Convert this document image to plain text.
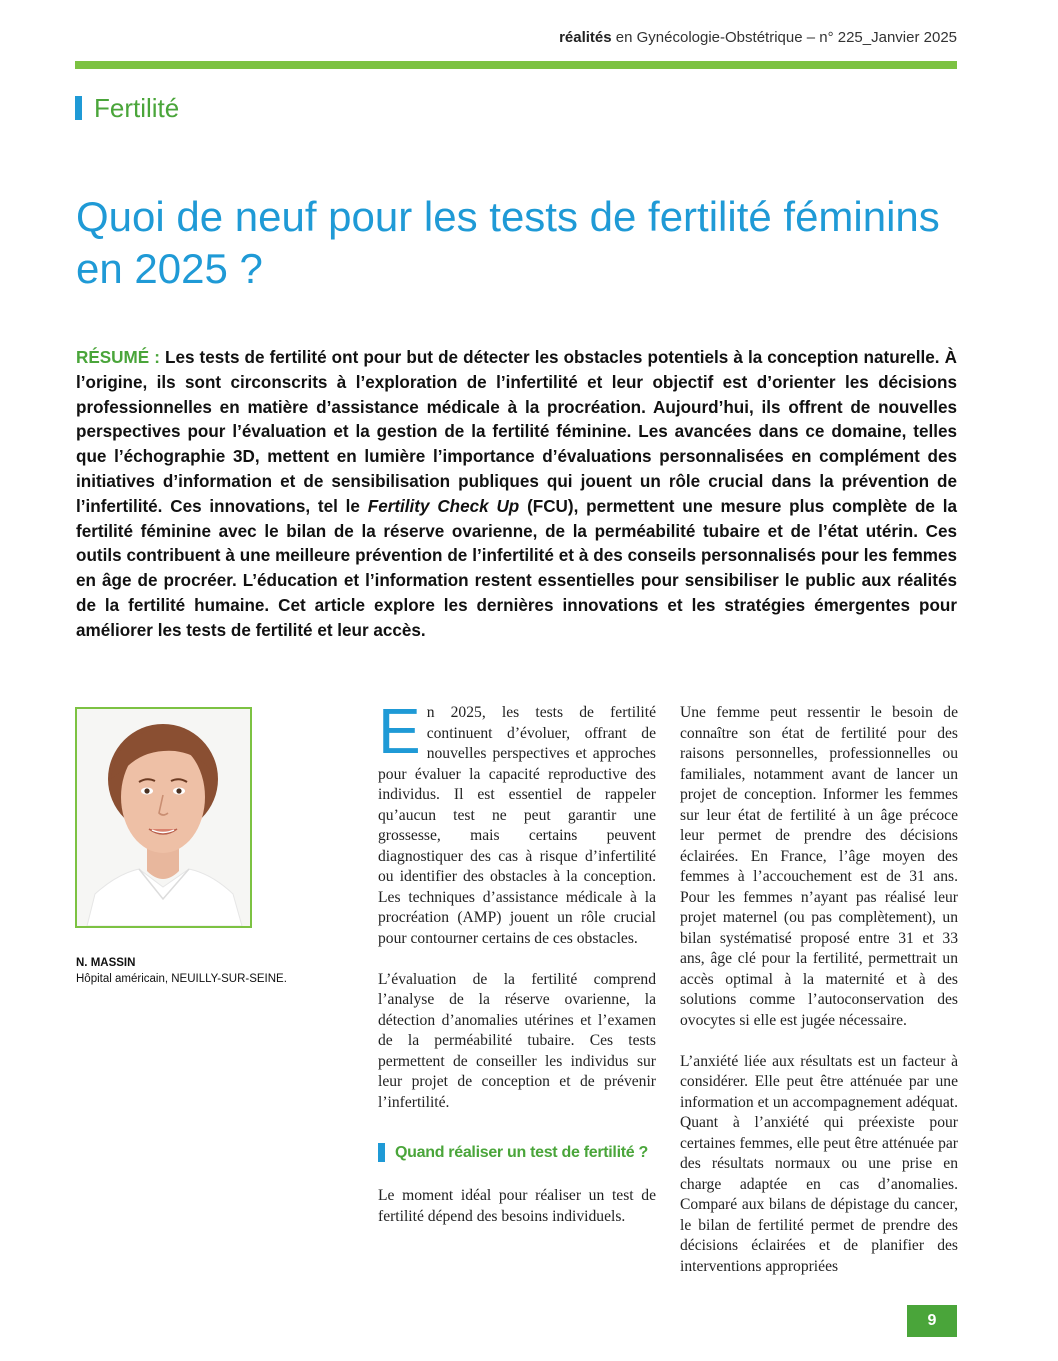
réalités en Gynécologie-Obstétrique – n° 225_Janvier 2025
Fertilité
Quoi de neuf pour les tests de fertilité féminins en 2025 ?
RÉSUMÉ : Les tests de fertilité ont pour but de détecter les obstacles potentiels à la conception naturelle. À l’origine, ils sont circonscrits à l’exploration de l’infertilité et leur objectif est d’orienter les décisions professionnelles en matière d’assistance médicale à la procréation. Aujourd’hui, ils offrent de nouvelles perspectives pour l’évaluation et la gestion de la fertilité féminine. Les avancées dans ce domaine, telles que l’échographie 3D, mettent en lumière l’importance d’évaluations personnalisées en complément des initiatives d’information et de sensibilisation publiques qui jouent un rôle crucial dans la prévention de l’infertilité. Ces innovations, tel le Fertility Check Up (FCU), permettent une mesure plus complète de la fertilité féminine avec le bilan de la réserve ovarienne, de la perméabilité tubaire et de l’état utérin. Ces outils contribuent à une meilleure prévention de l’infertilité et à des conseils personnalisés pour les femmes en âge de procréer. L’éducation et l’information restent essentielles pour sensibiliser le public aux réalités de la fertilité humaine. Cet article explore les dernières innovations et les stratégies émergentes pour améliorer les tests de fertilité et leur accès.
N. MASSIN
Hôpital américain, NEUILLY-SUR-SEINE.

En 2025, les tests de fertilité continuent d’évoluer, offrant de nouvelles perspectives et approches pour évaluer la capacité reproductive des individus. Il est essentiel de rappeler qu’aucun test ne peut garantir une grossesse, mais certains peuvent diagnostiquer des cas à risque d’infertilité ou identifier des obstacles à la conception. Les techniques d’assistance médicale à la procréation (AMP) jouent un rôle crucial pour contourner certains de ces obstacles.

L’évaluation de la fertilité comprend l’analyse de la réserve ovarienne, la détection d’anomalies utérines et l’examen de la perméabilité tubaire. Ces tests permettent de conseiller les individus sur leur projet de conception et de prévenir l’infertilité.

Quand réaliser un test de fertilité ?

Le moment idéal pour réaliser un test de fertilité dépend des besoins individuels.

Une femme peut ressentir le besoin de connaître son état de fertilité pour des raisons personnelles, professionnelles ou familiales, notamment avant de lancer un projet de conception. Informer les femmes sur leur état de fertilité à un âge précoce leur permet de prendre des décisions éclairées. En France, l’âge moyen des femmes à l’accouchement est de 31 ans. Pour les femmes n’ayant pas réalisé leur projet maternel (ou pas complètement), un bilan systématisé proposé entre 31 et 33 ans, âge clé pour la fertilité, permettrait un accès optimal à la maternité et à des solutions comme l’autoconservation des ovocytes si elle est jugée nécessaire.

L’anxiété liée aux résultats est un facteur à considérer. Elle peut être atténuée par une information et un accompagnement adéquat. Quant à l’anxiété qui préexiste pour certaines femmes, elle peut être atténuée par des résultats normaux ou une prise en charge adaptée en cas d’anomalies. Comparé aux bilans de dépistage du cancer, le bilan de fertilité permet de prendre des décisions éclairées et de planifier des interventions appropriées

9
